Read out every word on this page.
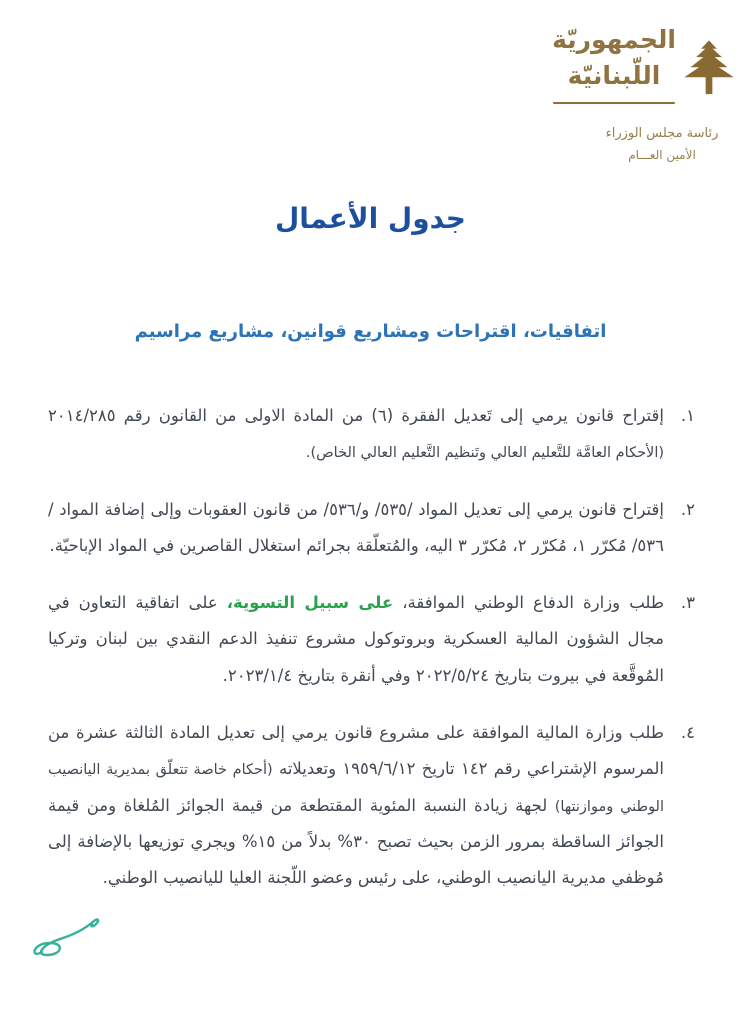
الجمهوريّة
اللّبنانيّة
رئاسة مجلس الوزراء
الأمين العـــام
جدول الأعمال
اتفاقيات، اقتراحات ومشاريع قوانين، مشاريع مراسيم
١.
إقتراح قانون يرمي إلى تَعديل الفقرة (٦) من المادة الاولى من القانون رقم ٢٠١٤/٢٨٥ (الأحكام العامَّة للتَّعليم العالي وتَنظيم التَّعليم العالي الخاص).
٢.
إقتراح قانون يرمي إلى تعديل المواد /٥٣٥/ و/٥٣٦/ من قانون العقوبات وإلى إضافة المواد /٥٣٦/ مُكرّر ١، مُكرّر ٢، مُكرّر ٣ اليه، والمُتعلّقة بجرائم استغلال القاصرين في المواد الإباحيّة.
٣.
طلب وزارة الدفاع الوطني الموافقة، على سبيل التسوية، على اتفاقية التعاون في مجال الشؤون المالية العسكرية وبروتوكول مشروع تنفيذ الدعم النقدي بين لبنان وتركيا المُوقَّعة في بيروت بتاريخ ٢٠٢٢/٥/٢٤ وفي أنقرة بتاريخ ٢٠٢٣/١/٤.
٤.
طلب وزارة المالية الموافقة على مشروع قانون يرمي إلى تعديل المادة الثالثة عشرة من المرسوم الإشتراعي رقم ١٤٢ تاريخ ١٩٥٩/٦/١٢ وتعديلاته (أحكام خاصة تتعلّق بمديرية اليانصيب الوطني وموازنتها) لجهة زيادة النسبة المئوية المقتطعة من قيمة الجوائز المُلغاة ومن قيمة الجوائز الساقطة بمرور الزمن بحيث تصبح ٣٠% بدلاً من ١٥% ويجري توزيعها بالإضافة إلى مُوظفي مديرية اليانصيب الوطني، على رئيس وعضو اللّجنة العليا لليانصيب الوطني.
